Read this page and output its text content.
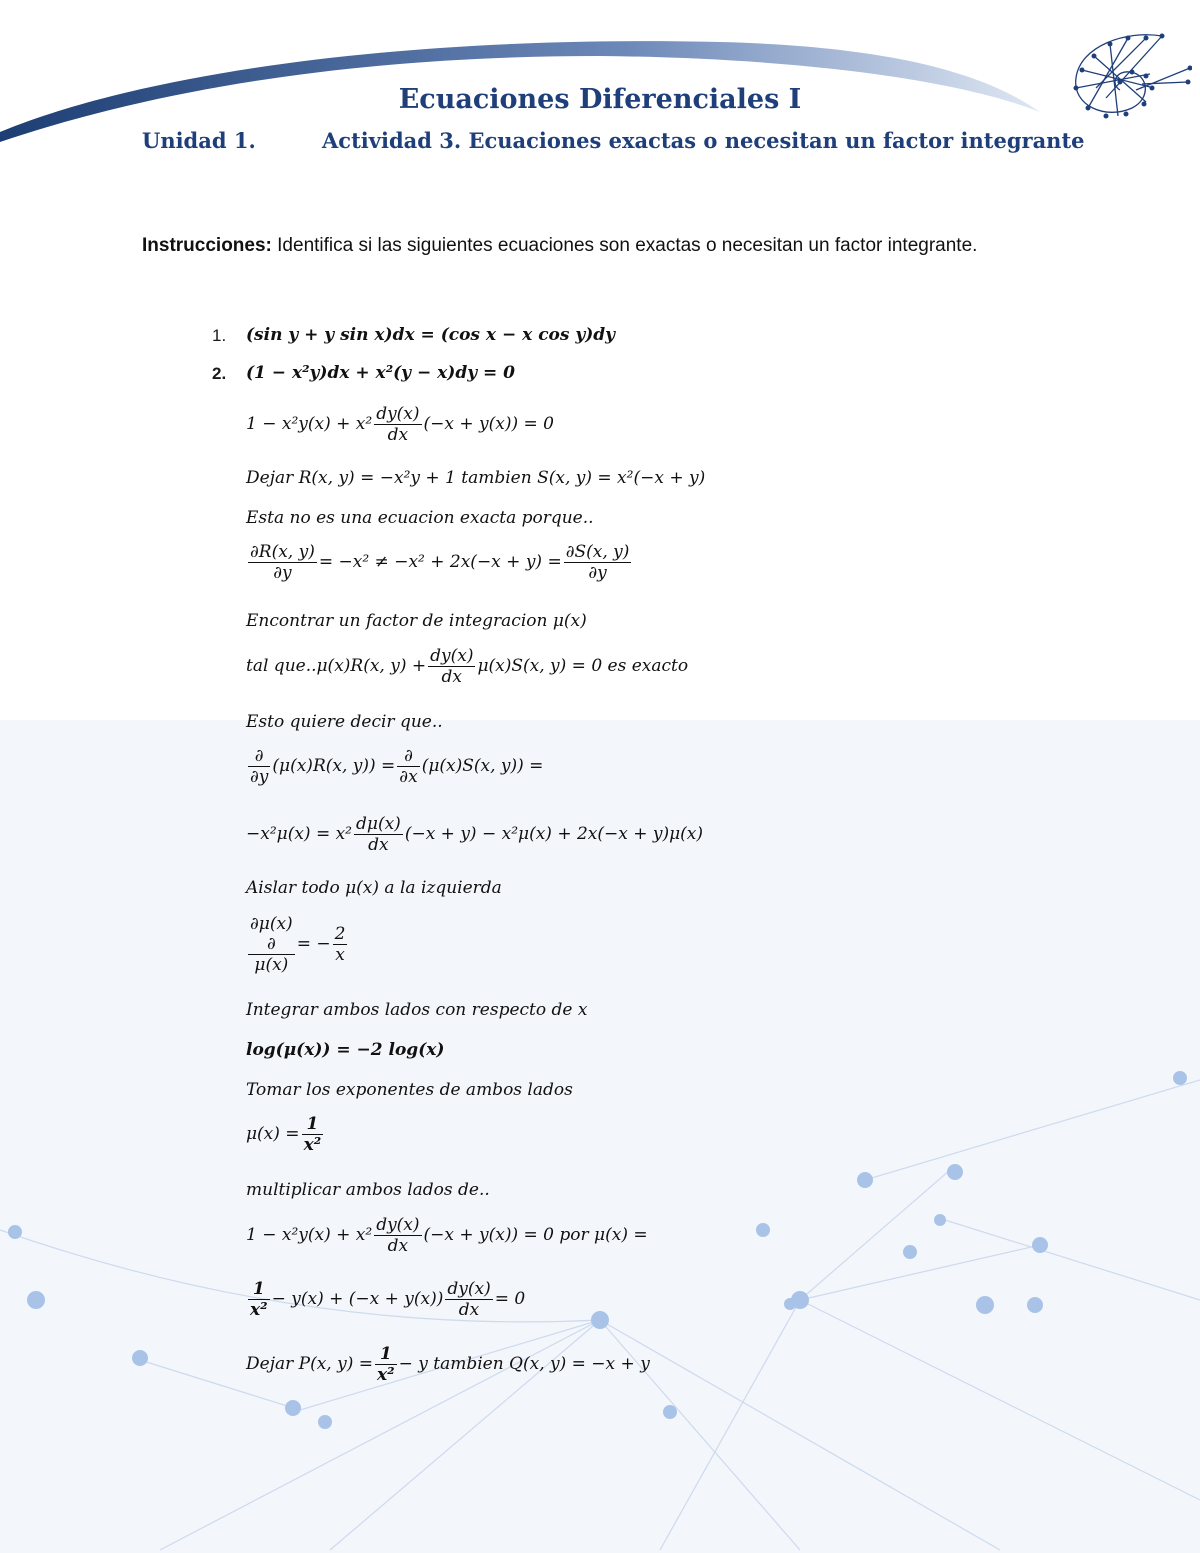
Ecuaciones Diferenciales I
Unidad 1.	Actividad 3. Ecuaciones exactas o necesitan un factor integrante
Instrucciones: Identifica si las siguientes ecuaciones son exactas o necesitan un factor integrante.
1. (sin y + y sin x)dx = (cos x − x cos y)dy
2. (1 − x²y)dx + x²(y − x)dy = 0
$1 - x^2y(x) + x^2 \frac{dy(x)}{dx} (-x + y(x)) = 0$
Dejar R(x, y) = −x²y + 1 tambien S(x, y) = x²(−x + y)
Esta no es una ecuacion exacta porque..
$\frac{\partial R(x, y)}{\partial y} = -x^2 \ne -x^2 + 2x(-x + y) = \frac{\partial S(x, y)}{\partial y}$
Encontrar un factor de integracion μ(x)
tal que..μ(x)R(x, $y) + \frac{dy(x)}{dx} \mu(x)S(x$, y) = 0 es exacto
Esto quiere decir que..
$\frac{\partial}{\partial y} (\mu(x)R(x$, $y)) = \frac{\partial}{\partial x} (\mu(x)S(x$, y)) =
$-x^2\mu(x) = x^2 \frac{d\mu(x)}{dx} (-x + y) - x^2\mu(x) + 2x(-x + y)\mu(x)$
Aislar todo μ(x) a la izquierda
∂μ(x)
∂
μ(x)
= − $\frac{2}{x}$
Integrar ambos lados con respecto de x
log(μ(x)) = −2 log(x)
Tomar los exponentes de ambos lados
$\mu(x) = \frac{1}{\text{x²}}$
multiplicar ambos lados de..
$1 - x^2y(x) + x^2 \frac{dy(x)}{dx} (-x + y(x)) = 0$ por μ(x) =
$\frac{1}{\text{x²}} - y(x) + (-x + y(x)) \frac{dy(x)}{dx} = 0$
Dejar P(x, $y) = \frac{1}{\text{x²}} - y$ tambien Q(x, y) = −x + y
